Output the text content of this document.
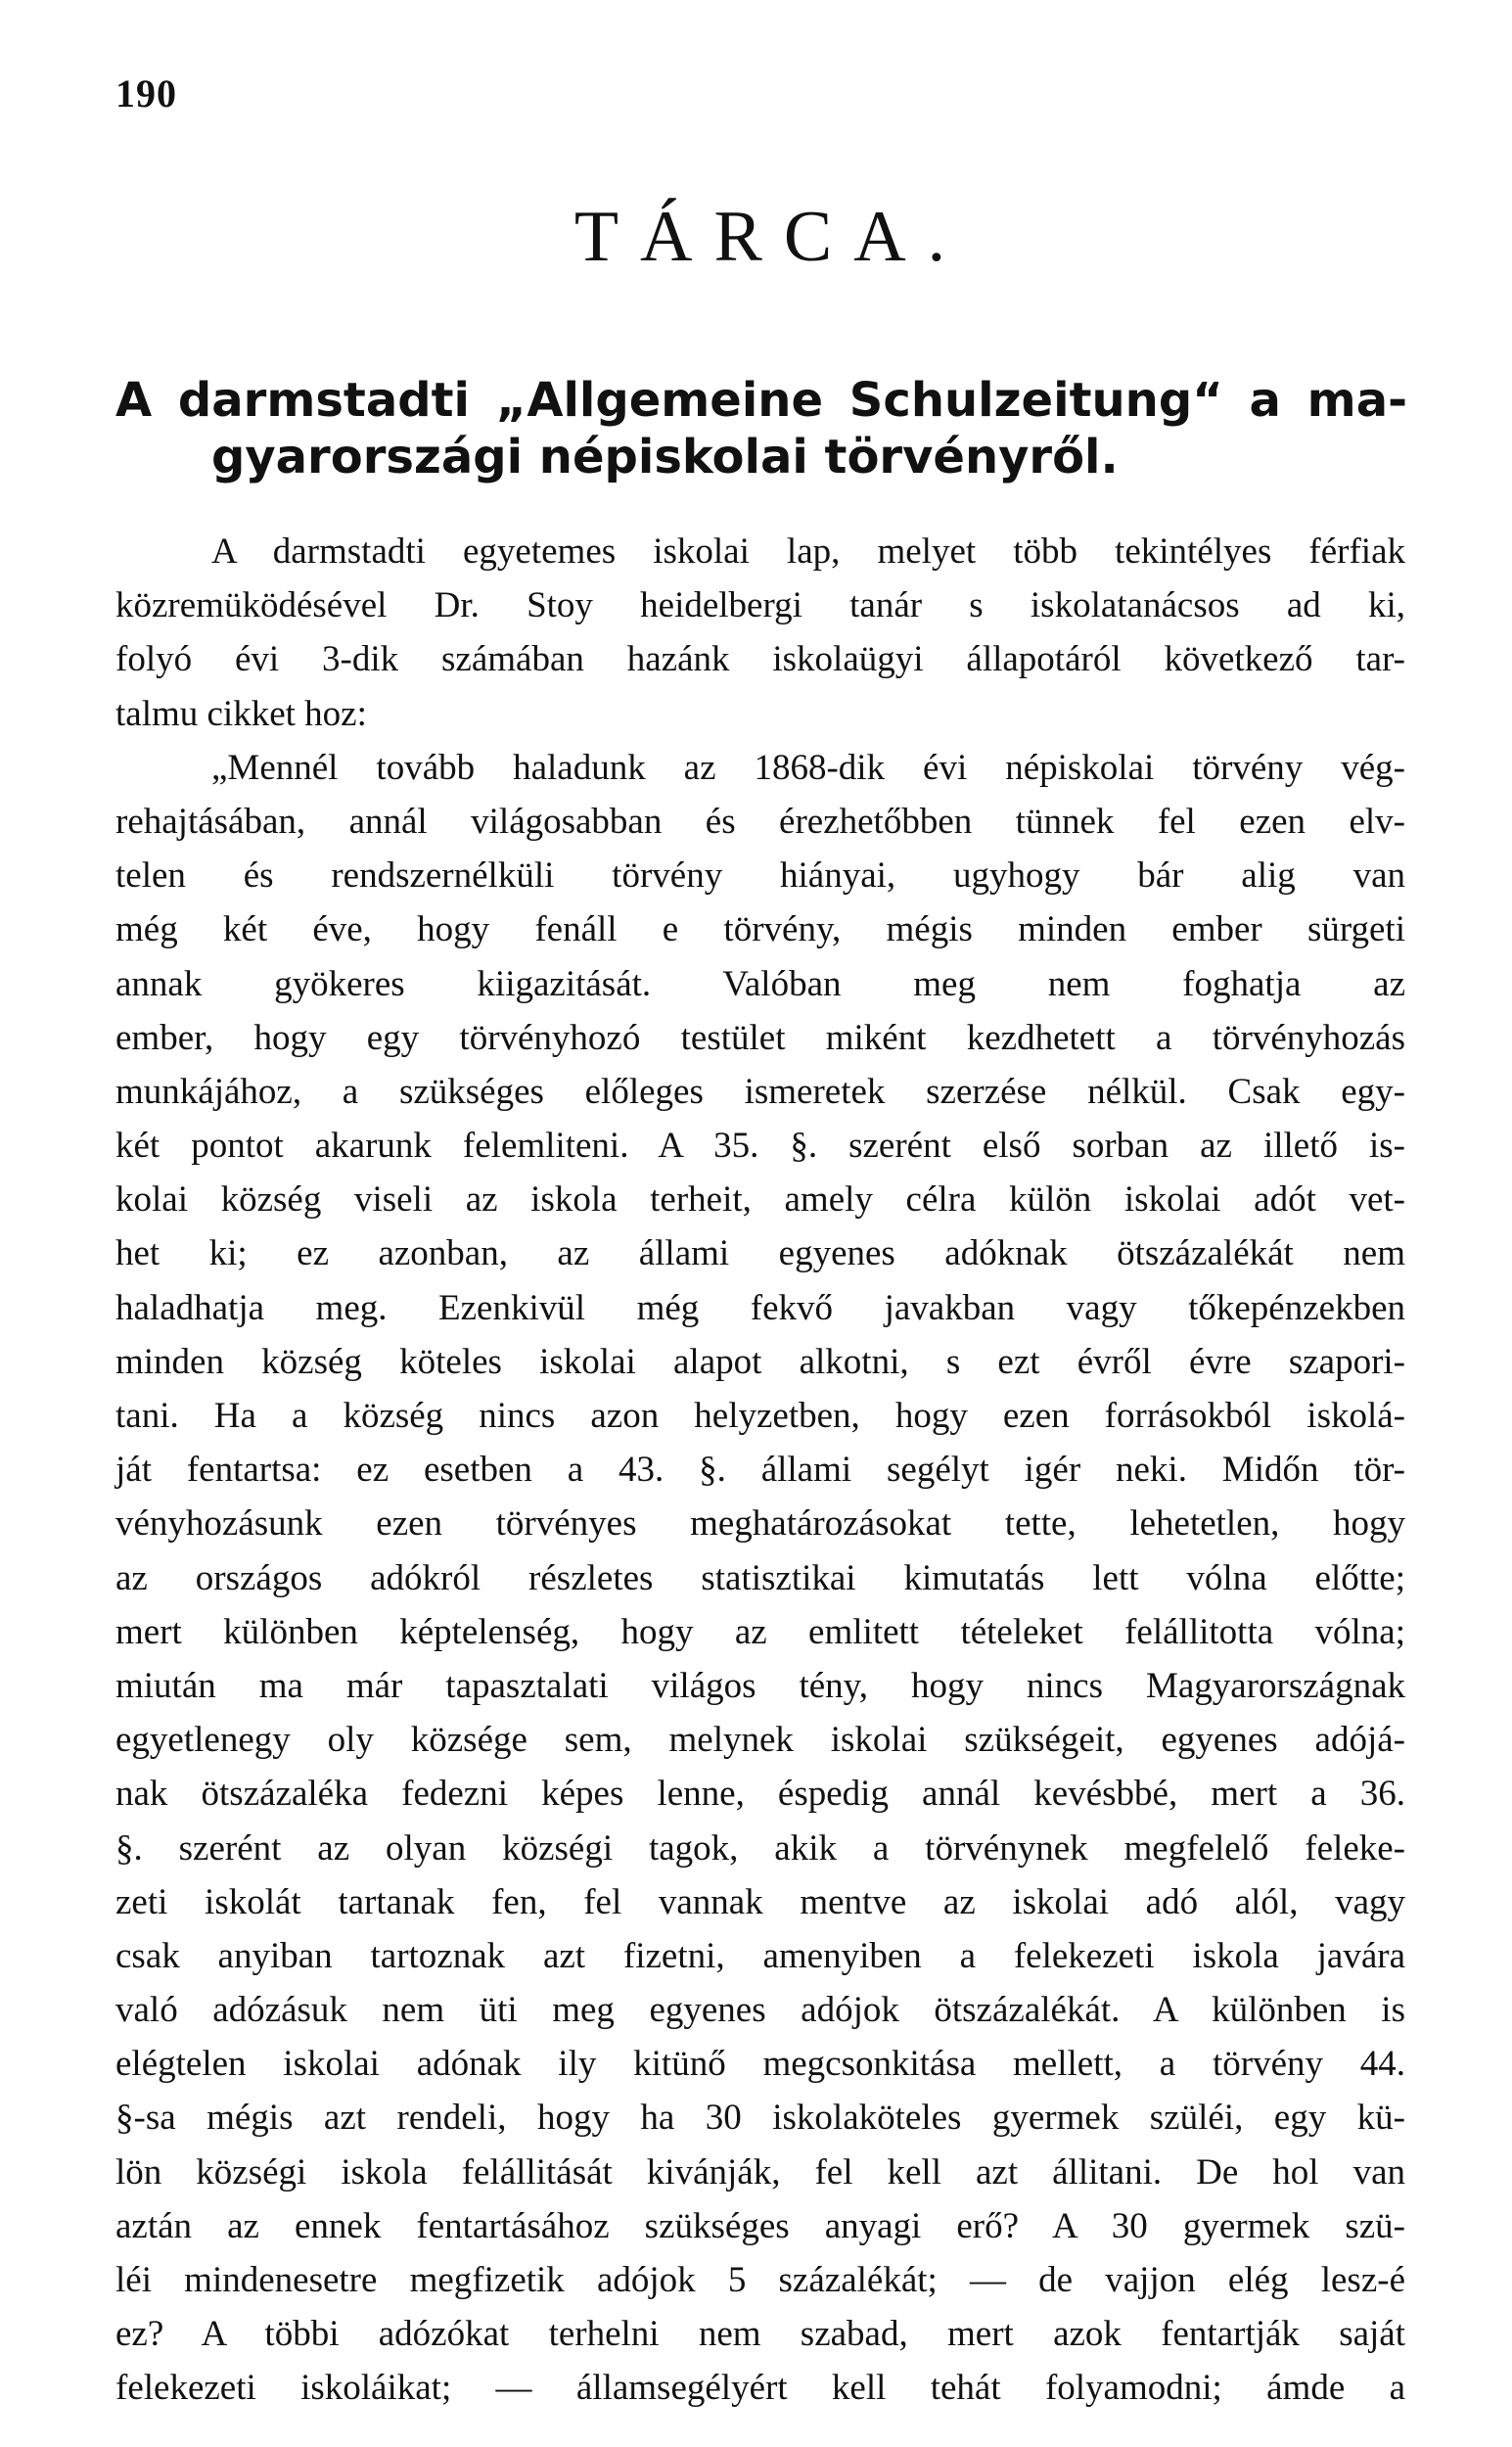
190
TÁRCA.
A darmstadti „Allgemeine Schulzeitung“ a ma-
gyarországi népiskolai törvényről.
A darmstadti egyetemes iskolai lap, melyet több tekintélyes férfiak
közremüködésével Dr. Stoy heidelbergi tanár s iskolatanácsos ad ki,
folyó évi 3-dik számában hazánk iskolaügyi állapotáról következő tar-
talmu cikket hoz:
„Mennél tovább haladunk az 1868-dik évi népiskolai törvény vég-
rehajtásában, annál világosabban és érezhetőbben tünnek fel ezen elv-
telen és rendszernélküli törvény hiányai, ugyhogy bár alig van
még két éve, hogy fenáll e törvény, mégis minden ember sürgeti
annak gyökeres kiigazitását. Valóban meg nem foghatja az
ember, hogy egy törvényhozó testület miként kezdhetett a törvényhozás
munkájához, a szükséges előleges ismeretek szerzése nélkül. Csak egy-
két pontot akarunk felemliteni. A 35. §. szerént első sorban az illető is-
kolai község viseli az iskola terheit, amely célra külön iskolai adót vet-
het ki; ez azonban, az állami egyenes adóknak ötszázalékát nem
haladhatja meg. Ezenkivül még fekvő javakban vagy tőkepénzekben
minden község köteles iskolai alapot alkotni, s ezt évről évre szapori-
tani. Ha a község nincs azon helyzetben, hogy ezen forrásokból iskolá-
ját fentartsa: ez esetben a 43. §. állami segélyt igér neki. Midőn tör-
vényhozásunk ezen törvényes meghatározásokat tette, lehetetlen, hogy
az országos adókról részletes statisztikai kimutatás lett vólna előtte;
mert különben képtelenség, hogy az emlitett tételeket felállitotta vólna;
miután ma már tapasztalati világos tény, hogy nincs Magyarországnak
egyetlenegy oly községe sem, melynek iskolai szükségeit, egyenes adójá-
nak ötszázaléka fedezni képes lenne, éspedig annál kevésbbé, mert a 36.
§. szerént az olyan községi tagok, akik a törvénynek megfelelő feleke-
zeti iskolát tartanak fen, fel vannak mentve az iskolai adó alól, vagy
csak anyiban tartoznak azt fizetni, amenyiben a felekezeti iskola javára
való adózásuk nem üti meg egyenes adójok ötszázalékát. A különben is
elégtelen iskolai adónak ily kitünő megcsonkitása mellett, a törvény 44.
§-sa mégis azt rendeli, hogy ha 30 iskolaköteles gyermek szüléi, egy kü-
lön községi iskola felállitását kivánják, fel kell azt állitani. De hol van
aztán az ennek fentartásához szükséges anyagi erő? A 30 gyermek szü-
léi mindenesetre megfizetik adójok 5 százalékát; — de vajjon elég lesz-é
ez? A többi adózókat terhelni nem szabad, mert azok fentartják saját
felekezeti iskoláikat; — államsegélyért kell tehát folyamodni; ámde a
